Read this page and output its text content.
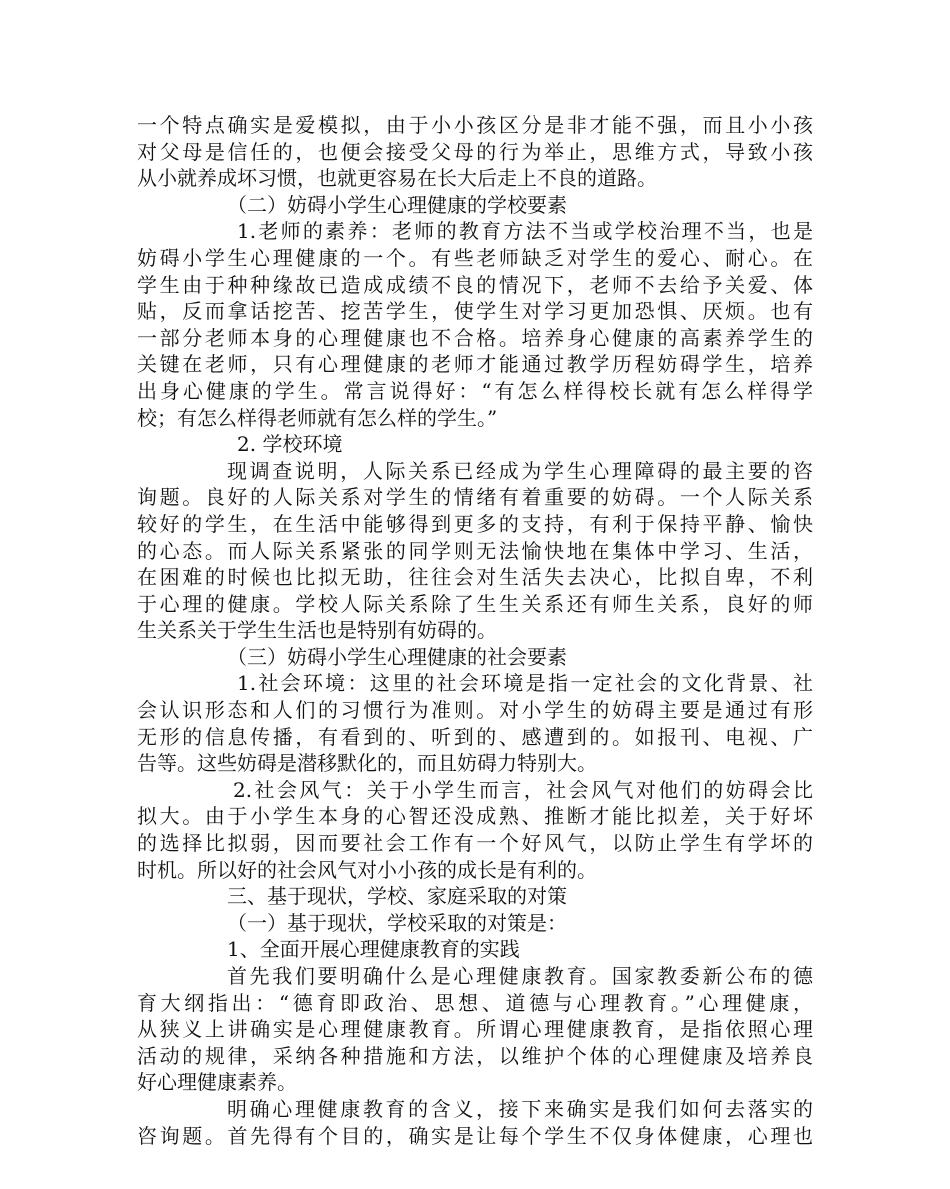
一个特点确实是爱模拟，由于小小孩区分是非才能不强，而且小小孩
对父母是信任的，也便会接受父母的行为举止，思维方式，导致小孩
从小就养成坏习惯，也就更容易在长大后走上不良的道路。
（二）妨碍小学生心理健康的学校要素
1.老师的素养：老师的教育方法不当或学校治理不当，也是
妨碍小学生心理健康的一个。有些老师缺乏对学生的爱心、耐心。在
学生由于种种缘故已造成成绩不良的情况下，老师不去给予关爱、体
贴，反而拿话挖苦、挖苦学生，使学生对学习更加恐惧、厌烦。也有
一部分老师本身的心理健康也不合格。培养身心健康的高素养学生的
关键在老师，只有心理健康的老师才能通过教学历程妨碍学生，培养
出身心健康的学生。常言说得好：“有怎么样得校长就有怎么样得学
校；有怎么样得老师就有怎么样的学生。”
2. 学校环境
现调查说明，人际关系已经成为学生心理障碍的最主要的咨
询题。良好的人际关系对学生的情绪有着重要的妨碍。一个人际关系
较好的学生，在生活中能够得到更多的支持，有利于保持平静、愉快
的心态。而人际关系紧张的同学则无法愉快地在集体中学习、生活，
在困难的时候也比拟无助，往往会对生活失去决心，比拟自卑，不利
于心理的健康。学校人际关系除了生生关系还有师生关系，良好的师
生关系关于学生生活也是特别有妨碍的。
（三）妨碍小学生心理健康的社会要素
1.社会环境：这里的社会环境是指一定社会的文化背景、社
会认识形态和人们的习惯行为准则。对小学生的妨碍主要是通过有形
无形的信息传播，有看到的、听到的、感遭到的。如报刊、电视、广
告等。这些妨碍是潜移默化的，而且妨碍力特别大。
2.社会风气：关于小学生而言，社会风气对他们的妨碍会比
拟大。由于小学生本身的心智还没成熟、推断才能比拟差，关于好坏
的选择比拟弱，因而要社会工作有一个好风气，以防止学生有学坏的
时机。所以好的社会风气对小小孩的成长是有利的。
三、基于现状，学校、家庭采取的对策
（一）基于现状，学校采取的对策是：
1、全面开展心理健康教育的实践
首先我们要明确什么是心理健康教育。国家教委新公布的德
育大纲指出：“德育即政治、思想、道德与心理教育。”心理健康，
从狭义上讲确实是心理健康教育。所谓心理健康教育，是指依照心理
活动的规律，采纳各种措施和方法，以维护个体的心理健康及培养良
好心理健康素养。
明确心理健康教育的含义，接下来确实是我们如何去落实的
咨询题。首先得有个目的，确实是让每个学生不仅身体健康，心理也
